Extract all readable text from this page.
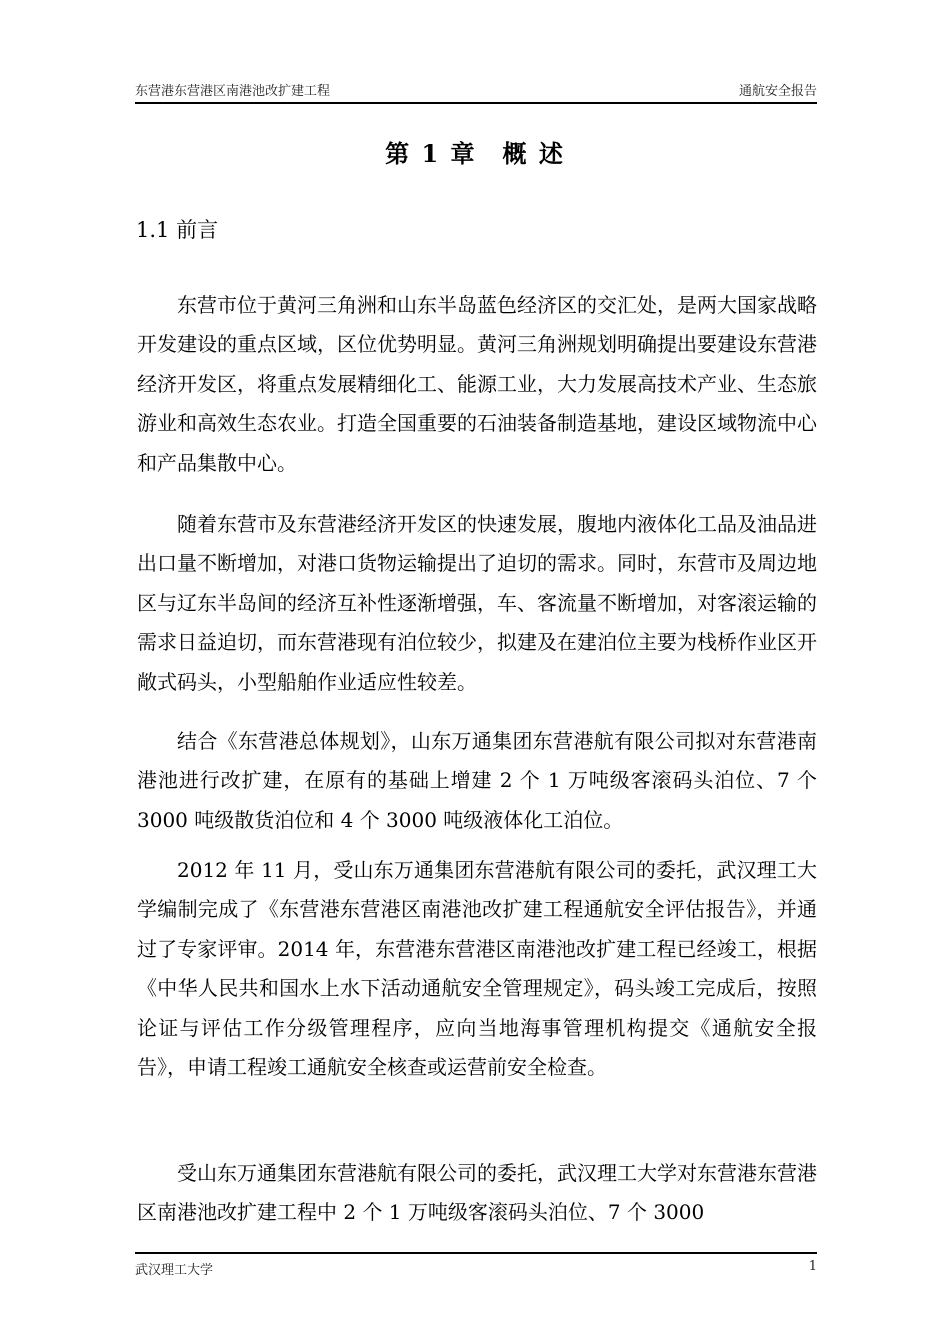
东营港东营港区南港池改扩建工程	通航安全报告
第 1 章　概 述
1.1 前言

东营市位于黄河三角洲和山东半岛蓝色经济区的交汇处，是两大国家战略开发建设的重点区域，区位优势明显。黄河三角洲规划明确提出要建设东营港经济开发区，将重点发展精细化工、能源工业，大力发展高技术产业、生态旅游业和高效生态农业。打造全国重要的石油装备制造基地，建设区域物流中心和产品集散中心。

随着东营市及东营港经济开发区的快速发展，腹地内液体化工品及油品进出口量不断增加，对港口货物运输提出了迫切的需求。同时，东营市及周边地区与辽东半岛间的经济互补性逐渐增强，车、客流量不断增加，对客滚运输的需求日益迫切，而东营港现有泊位较少，拟建及在建泊位主要为栈桥作业区开敞式码头，小型船舶作业适应性较差。

结合《东营港总体规划》，山东万通集团东营港航有限公司拟对东营港南港池进行改扩建，在原有的基础上增建 2 个 1 万吨级客滚码头泊位、7 个 3000 吨级散货泊位和 4 个 3000 吨级液体化工泊位。

2012 年 11 月，受山东万通集团东营港航有限公司的委托，武汉理工大学编制完成了《东营港东营港区南港池改扩建工程通航安全评估报告》，并通过了专家评审。2014 年，东营港东营港区南港池改扩建工程已经竣工，根据《中华人民共和国水上水下活动通航安全管理规定》，码头竣工完成后，按照论证与评估工作分级管理程序，应向当地海事管理机构提交《通航安全报告》，申请工程竣工通航安全核查或运营前安全检查。

受山东万通集团东营港航有限公司的委托，武汉理工大学对东营港东营港区南港池改扩建工程中 2 个 1 万吨级客滚码头泊位、7 个 3000

武汉理工大学	1
